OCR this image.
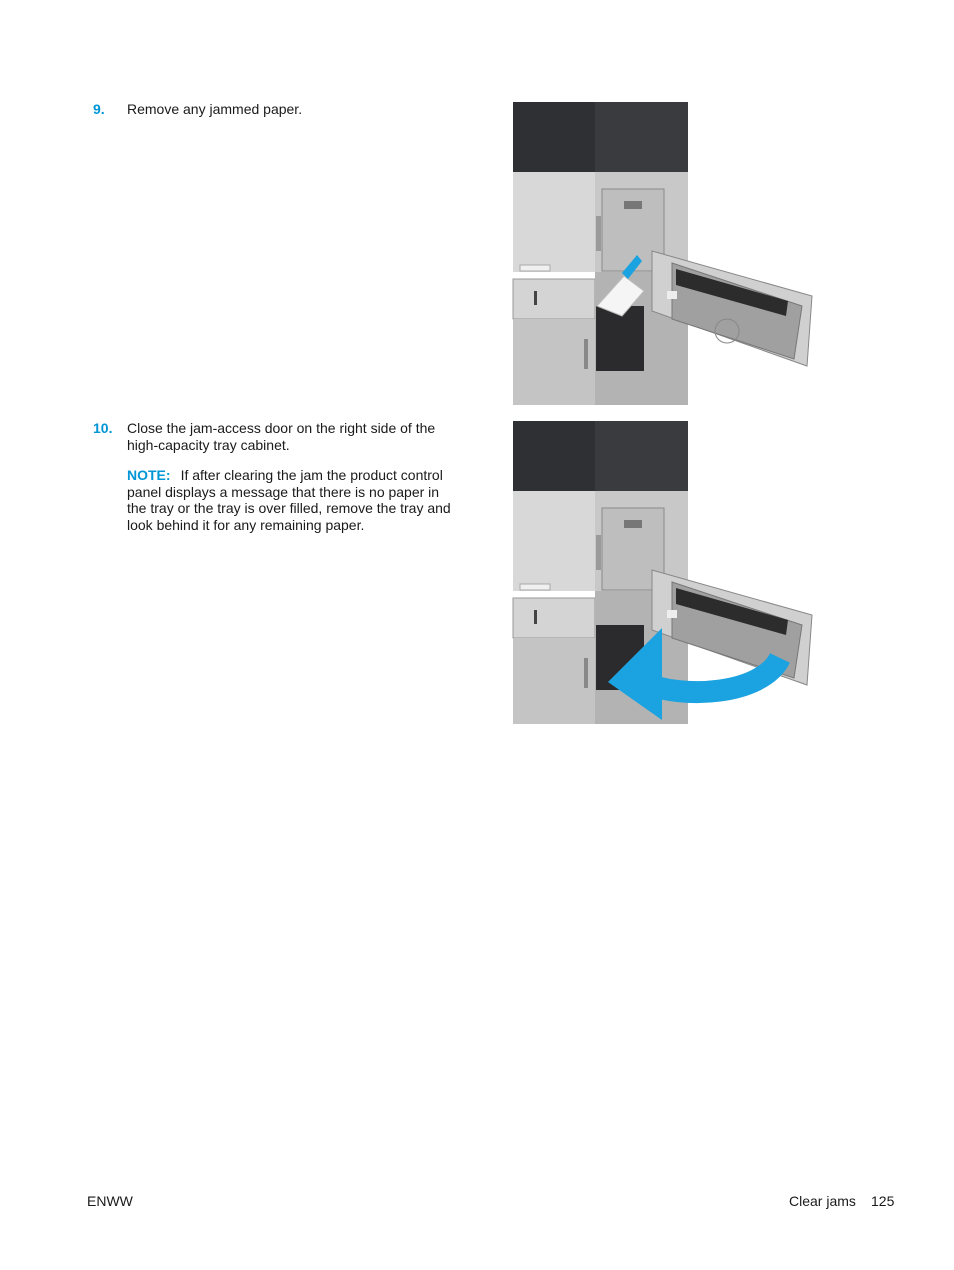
9. Remove any jammed paper.
10. Close the jam-access door on the right side of the high-capacity tray cabinet.
NOTE: If after clearing the jam the product control panel displays a message that there is no paper in the tray or the tray is over filled, remove the tray and look behind it for any remaining paper.
ENWW	Clear jams 125
